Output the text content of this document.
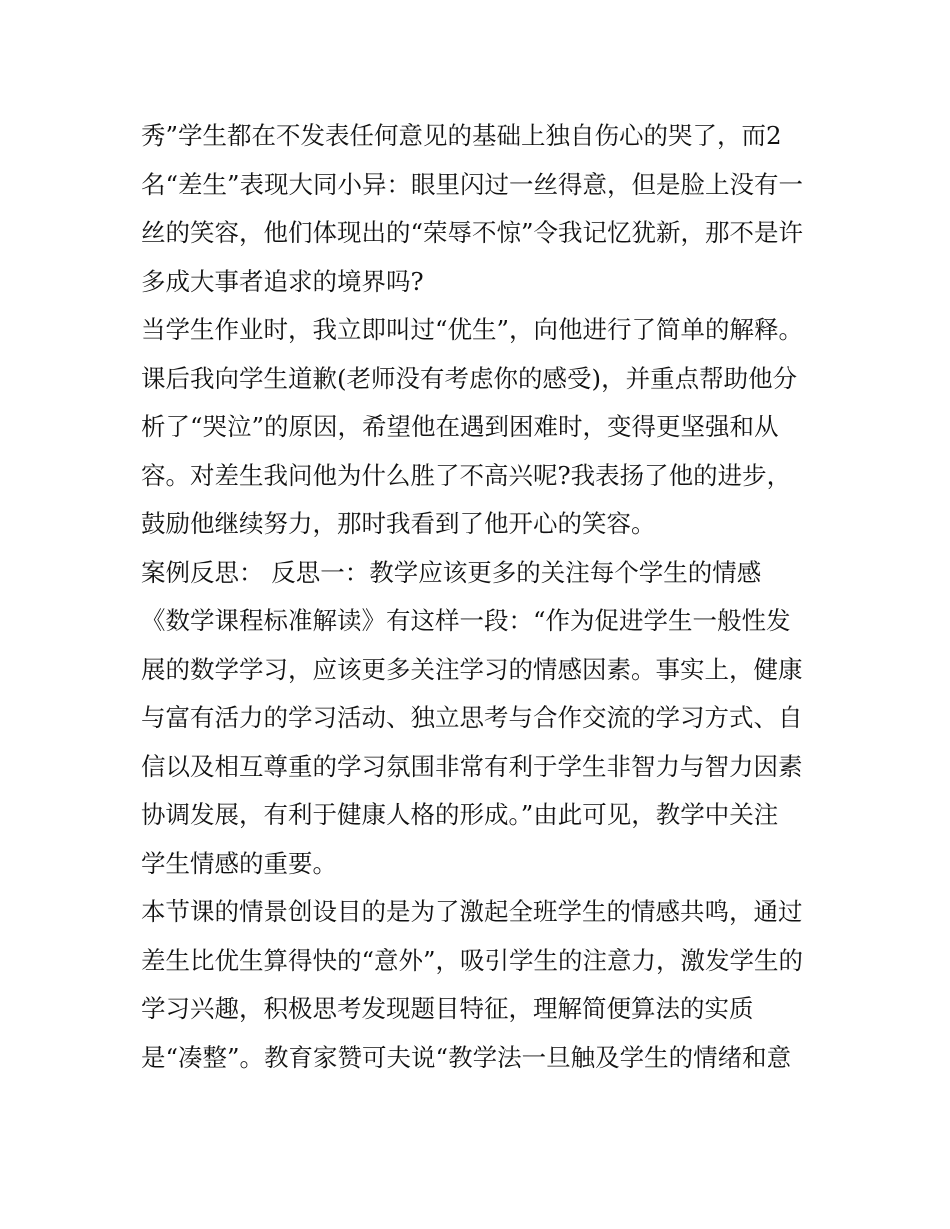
秀”学生都在不发表任何意见的基础上独自伤心的哭了，而2
名“差生”表现大同小异：眼里闪过一丝得意，但是脸上没有一
丝的笑容，他们体现出的“荣辱不惊”令我记忆犹新，那不是许
多成大事者追求的境界吗?
当学生作业时，我立即叫过“优生”，向他进行了简单的解释。
课后我向学生道歉(老师没有考虑你的感受)，并重点帮助他分
析了“哭泣”的原因，希望他在遇到困难时，变得更坚强和从
容。对差生我问他为什么胜了不高兴呢?我表扬了他的进步，
鼓励他继续努力，那时我看到了他开心的笑容。
案例反思： 反思一：教学应该更多的关注每个学生的情感
《数学课程标准解读》有这样一段：“作为促进学生一般性发
展的数学学习，应该更多关注学习的情感因素。事实上，健康
与富有活力的学习活动、独立思考与合作交流的学习方式、自
信以及相互尊重的学习氛围非常有利于学生非智力与智力因素
协调发展，有利于健康人格的形成。”由此可见，教学中关注
学生情感的重要。
本节课的情景创设目的是为了激起全班学生的情感共鸣，通过
差生比优生算得快的“意外”，吸引学生的注意力，激发学生的
学习兴趣，积极思考发现题目特征，理解简便算法的实质
是“凑整”。教育家赞可夫说“教学法一旦触及学生的情绪和意
